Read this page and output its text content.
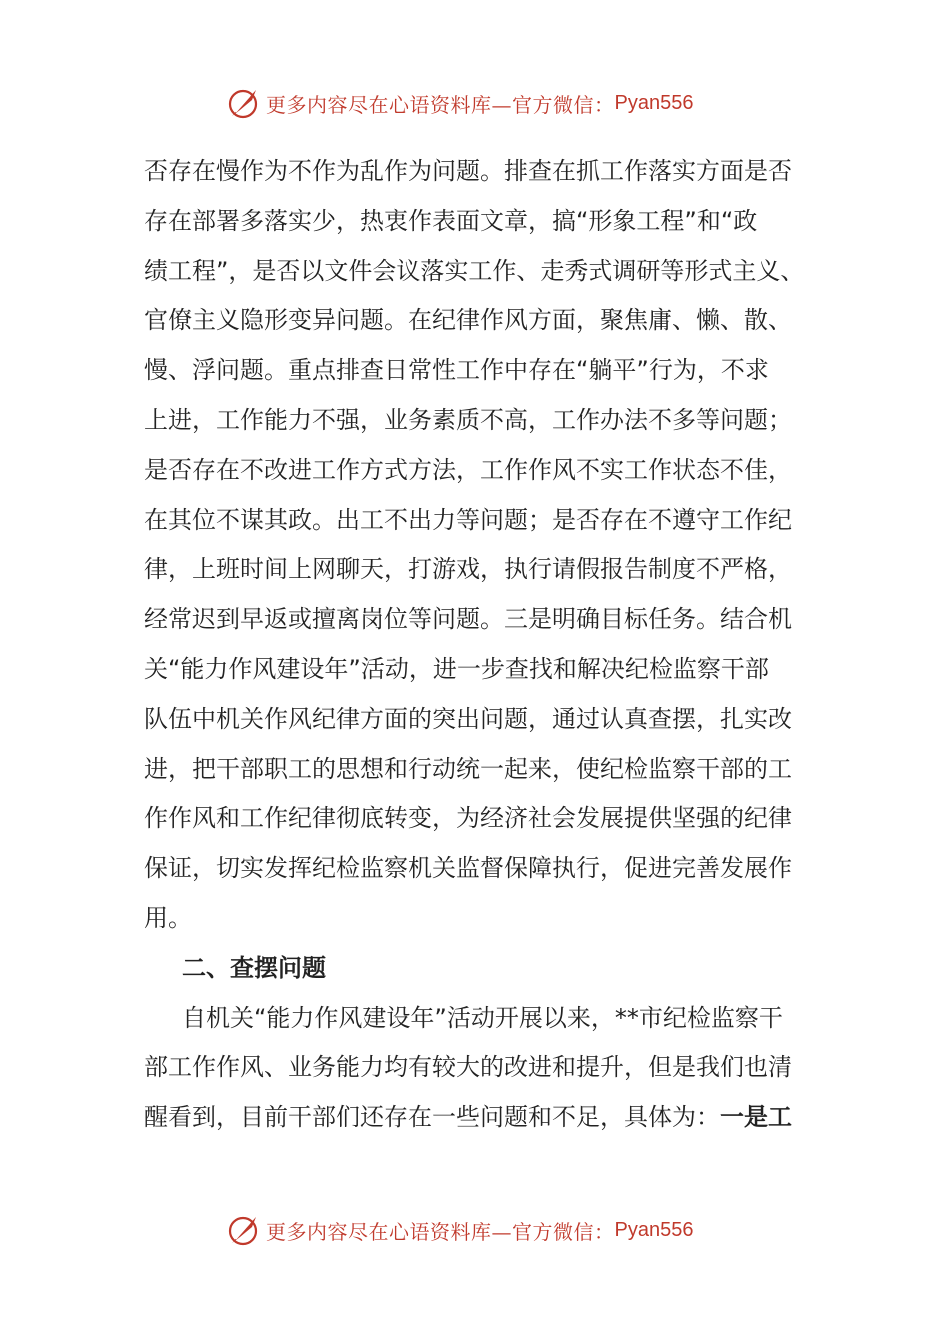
更多内容尽在心语资料库—官方微信： Pyan556
否存在慢作为不作为乱作为问题。排查在抓工作落实方面是否
存在部署多落实少，热衷作表面文章，搞“形象工程”和“政
绩工程”，是否以文件会议落实工作、走秀式调研等形式主义、
官僚主义隐形变异问题。在纪律作风方面，聚焦庸、懒、散、
慢、浮问题。重点排查日常性工作中存在“躺平”行为，不求
上进，工作能力不强，业务素质不高，工作办法不多等问题；
是否存在不改进工作方式方法，工作作风不实工作状态不佳，
在其位不谋其政。出工不出力等问题；是否存在不遵守工作纪
律，上班时间上网聊天，打游戏，执行请假报告制度不严格，
经常迟到早返或擅离岗位等问题。三是明确目标任务。结合机
关“能力作风建设年”活动，进一步查找和解决纪检监察干部
队伍中机关作风纪律方面的突出问题，通过认真查摆，扎实改
进，把干部职工的思想和行动统一起来，使纪检监察干部的工
作作风和工作纪律彻底转变，为经济社会发展提供坚强的纪律
保证，切实发挥纪检监察机关监督保障执行，促进完善发展作
用。
二、查摆问题
自机关“能力作风建设年”活动开展以来，**市纪检监察干
部工作作风、业务能力均有较大的改进和提升，但是我们也清
醒看到，目前干部们还存在一些问题和不足，具体为：一是工
更多内容尽在心语资料库—官方微信： Pyan556
